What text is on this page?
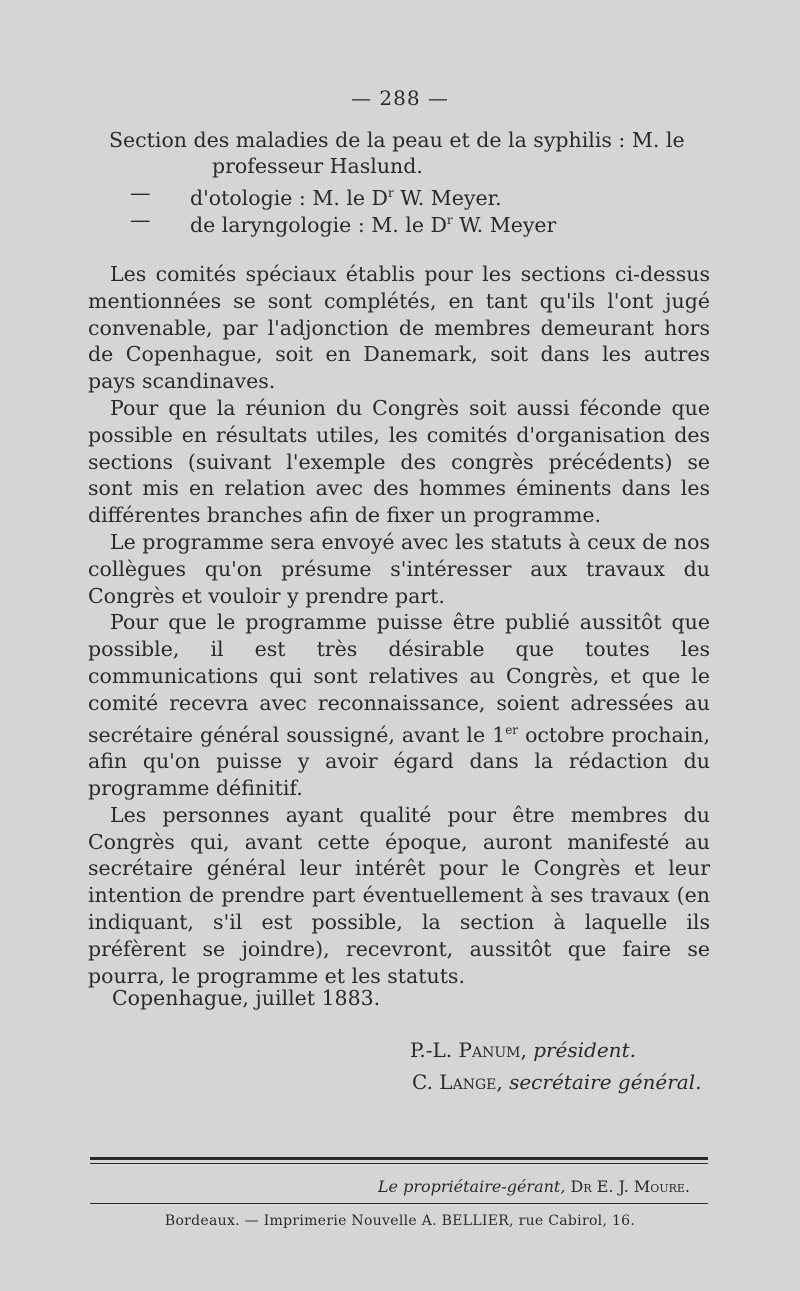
— 288 —
Section des maladies de la peau et de la syphilis : M. le
professeur Haslund.
— d'otologie : M. le $D^r$ W. Meyer.
— de laryngologie : M. le $D^r$ W. Meyer

Les comités spéciaux établis pour les sections ci-dessus mentionnées se sont complétés, en tant qu'ils l'ont jugé convenable, par l'adjonction de membres demeurant hors de Copenhague, soit en Danemark, soit dans les autres pays scandinaves.

Pour que la réunion du Congrès soit aussi féconde que possible en résultats utiles, les comités d'organisation des sections (suivant l'exemple des congrès précédents) se sont mis en relation avec des hommes éminents dans les différentes branches afin de fixer un programme.

Le programme sera envoyé avec les statuts à ceux de nos collègues qu'on présume s'intéresser aux travaux du Congrès et vouloir y prendre part.

Pour que le programme puisse être publié aussitôt que possible, il est très désirable que toutes les communications qui sont relatives au Congrès, et que le comité recevra avec reconnaissance, soient adressées au secrétaire général soussigné, avant le 1er octobre prochain, afin qu'on puisse y avoir égard dans la rédaction du programme définitif.

Les personnes ayant qualité pour être membres du Congrès qui, avant cette époque, auront manifesté au secrétaire général leur intérêt pour le Congrès et leur intention de prendre part éventuellement à ses travaux (en indiquant, s'il est possible, la section à laquelle ils préfèrent se joindre), recevront, aussitôt que faire se pourra, le programme et les statuts.

Copenhague, juillet 1883.
P.-L. Panum, président.
C. Lange, secrétaire général.
Le propriétaire-gérant, Dr E. J. Moure.
Bordeaux. — Imprimerie Nouvelle A. BELLIER, rue Cabirol, 16.
